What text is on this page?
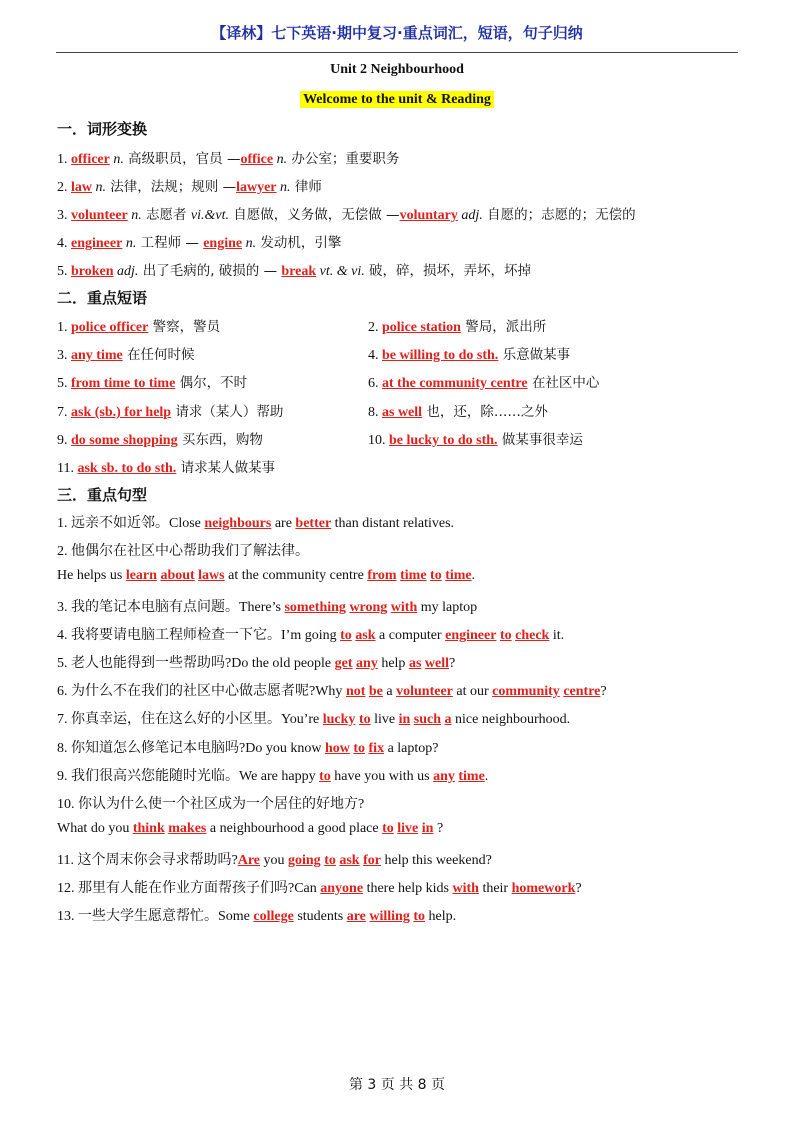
【译林】七下英语·期中复习·重点词汇，短语，句子归纳
Unit 2 Neighbourhood
Welcome to the unit & Reading
一．词形变换
1. officer n. 高级职员，官员 —office n. 办公室；重要职务
2. law n. 法律，法规；规则 —lawyer n. 律师
3. volunteer n. 志愿者 vi.&vt. 自愿做，义务做，无偿做 —voluntary adj. 自愿的；志愿的；无偿的
4. engineer n. 工程师 — engine n. 发动机，引擎
5. broken adj. 出了毛病的, 破损的 — break vt. & vi. 破，碎，损坏，弄坏，坏掉
二．重点短语
1. police officer 警察，警员	2. police station 警局，派出所
3. any time 在任何时候	4. be willing to do sth. 乐意做某事
5. from time to time 偶尔，不时	6. at the community centre 在社区中心
7. ask (sb.) for help 请求（某人）帮助	8. as well 也，还，除……之外
9. do some shopping 买东西，购物	10. be lucky to do sth. 做某事很幸运
11. ask sb. to do sth. 请求某人做某事
三．重点句型
1. 远亲不如近邻。Close neighbours are better than distant relatives.
2. 他偶尔在社区中心帮助我们了解法律。
He helps us learn about laws at the community centre from time to time.
3. 我的笔记本电脑有点问题。There’s something wrong with my laptop
4. 我将要请电脑工程师检查一下它。I’m going to ask a computer engineer to check it.
5. 老人也能得到一些帮助吗?Do the old people get any help as well?
6. 为什么不在我们的社区中心做志愿者呢?Why not be a volunteer at our community centre?
7. 你真幸运，住在这么好的小区里。You’re lucky to live in such a nice neighbourhood.
8. 你知道怎么修笔记本电脑吗?Do you know how to fix a laptop?
9. 我们很高兴您能随时光临。We are happy to have you with us any time.
10. 你认为什么使一个社区成为一个居住的好地方?
What do you think makes a neighbourhood a good place to live in ?
11. 这个周末你会寻求帮助吗?Are you going to ask for help this weekend?
12. 那里有人能在作业方面帮孩子们吗?Can anyone there help kids with their homework?
13. 一些大学生愿意帮忙。Some college students are willing to help.
第 3 页 共 8 页
